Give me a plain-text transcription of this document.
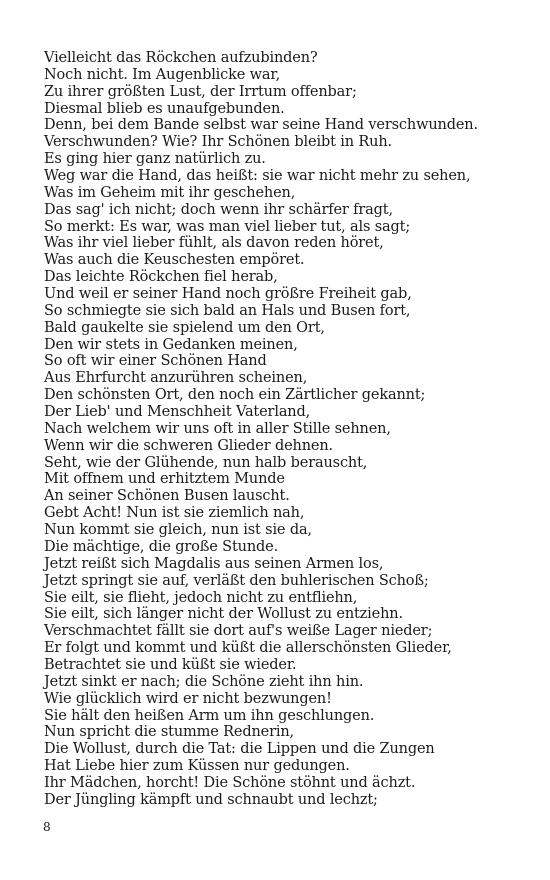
Vielleicht das Röckchen aufzubinden?
Noch nicht. Im Augenblicke war,
Zu ihrer größten Lust, der Irrtum offenbar;
Diesmal blieb es unaufgebunden.
Denn, bei dem Bande selbst war seine Hand verschwunden.
Verschwunden? Wie? Ihr Schönen bleibt in Ruh.
Es ging hier ganz natürlich zu.
Weg war die Hand, das heißt: sie war nicht mehr zu sehen,
Was im Geheim mit ihr geschehen,
Das sag' ich nicht; doch wenn ihr schärfer fragt,
So merkt: Es war, was man viel lieber tut, als sagt;
Was ihr viel lieber fühlt, als davon reden höret,
Was auch die Keuschesten empöret.
Das leichte Röckchen fiel herab,
Und weil er seiner Hand noch größre Freiheit gab,
So schmiegte sie sich bald an Hals und Busen fort,
Bald gaukelte sie spielend um den Ort,
Den wir stets in Gedanken meinen,
So oft wir einer Schönen Hand
Aus Ehrfurcht anzurühren scheinen,
Den schönsten Ort, den noch ein Zärtlicher gekannt;
Der Lieb' und Menschheit Vaterland,
Nach welchem wir uns oft in aller Stille sehnen,
Wenn wir die schweren Glieder dehnen.
Seht, wie der Glühende, nun halb berauscht,
Mit offnem und erhitztem Munde
An seiner Schönen Busen lauscht.
Gebt Acht! Nun ist sie ziemlich nah,
Nun kommt sie gleich, nun ist sie da,
Die mächtige, die große Stunde.
Jetzt reißt sich Magdalis aus seinen Armen los,
Jetzt springt sie auf, verläßt den buhlerischen Schoß;
Sie eilt, sie flieht, jedoch nicht zu entfliehn,
Sie eilt, sich länger nicht der Wollust zu entziehn.
Verschmachtet fällt sie dort auf's weiße Lager nieder;
Er folgt und kommt und küßt die allerschönsten Glieder,
Betrachtet sie und küßt sie wieder.
Jetzt sinkt er nach; die Schöne zieht ihn hin.
Wie glücklich wird er nicht bezwungen!
Sie hält den heißen Arm um ihn geschlungen.
Nun spricht die stumme Rednerin,
Die Wollust, durch die Tat: die Lippen und die Zungen
Hat Liebe hier zum Küssen nur gedungen.
Ihr Mädchen, horcht! Die Schöne stöhnt und ächzt.
Der Jüngling kämpft und schnaubt und lechzt;
8
